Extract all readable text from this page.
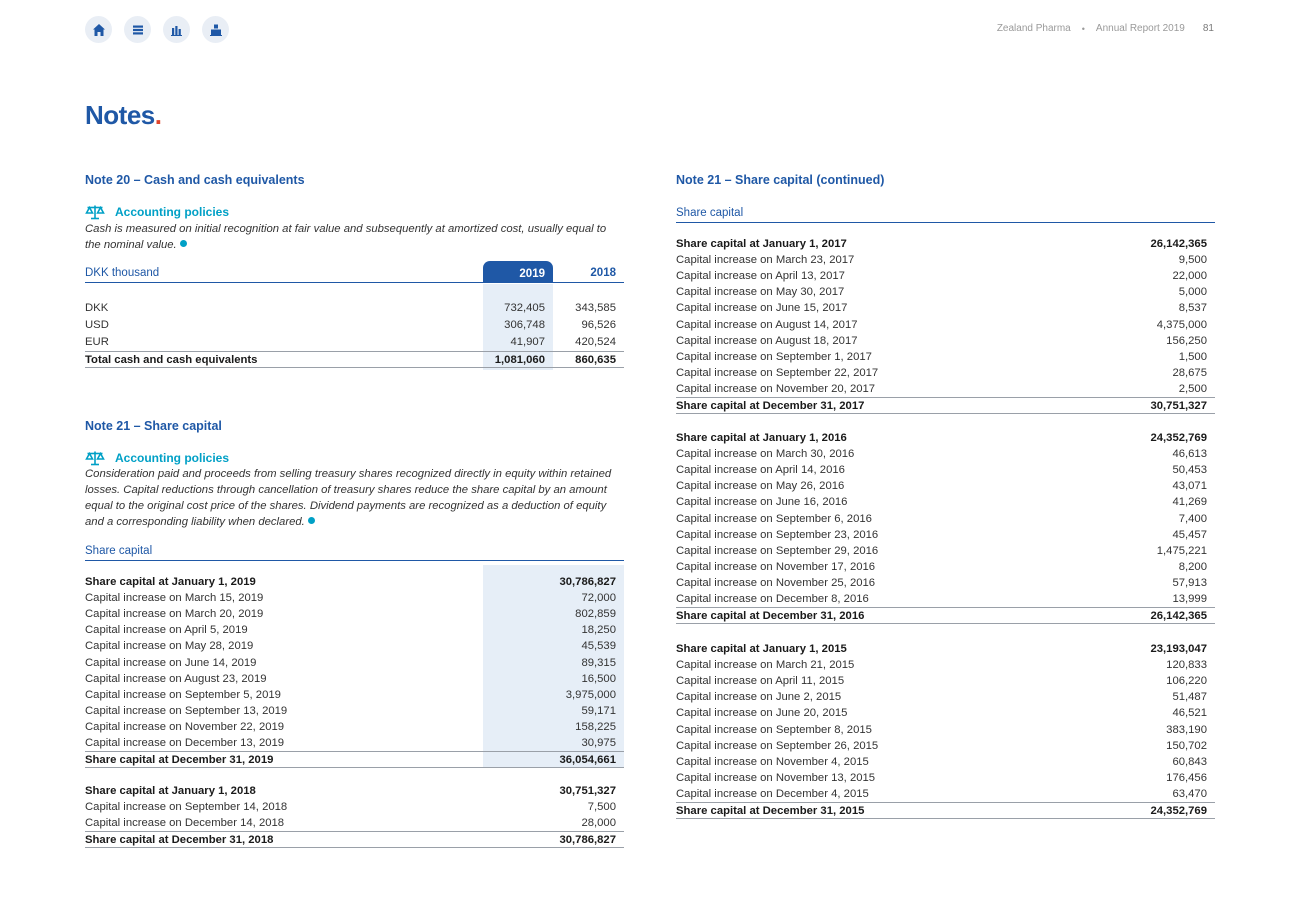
Zealand Pharma • Annual Report 2019 81
Notes.
Note 20 – Cash and cash equivalents
Accounting policies

Cash is measured on initial recognition at fair value and subsequently at amortized cost, usually equal to the nominal value.

DKK thousand	2019	2018
DKK	732,405	343,585
USD	306,748	96,526
EUR	41,907	420,524
Total cash and cash equivalents	1,081,060	860,635
Note 21 – Share capital
Accounting policies

Consideration paid and proceeds from selling treasury shares recognized directly in equity within retained losses. Capital reductions through cancellation of treasury shares reduce the share capital by an amount equal to the original cost price of the shares. Dividend payments are recognized as a deduction of equity and a corresponding liability when declared.

Share capital
Share capital at January 1, 2019	30,786,827
Capital increase on March 15, 2019	72,000
Capital increase on March 20, 2019	802,859
Capital increase on April 5, 2019	18,250
Capital increase on May 28, 2019	45,539
Capital increase on June 14, 2019	89,315
Capital increase on August 23, 2019	16,500
Capital increase on September 5, 2019	3,975,000
Capital increase on September 13, 2019	59,171
Capital increase on November 22, 2019	158,225
Capital increase on December 13, 2019	30,975
Share capital at December 31, 2019	36,054,661
Share capital at January 1, 2018	30,751,327
Capital increase on September 14, 2018	7,500
Capital increase on December 14, 2018	28,000
Share capital at December 31, 2018	30,786,827
Note 21 – Share capital (continued)
Share capital
Share capital at January 1, 2017	26,142,365
Capital increase on March 23, 2017	9,500
Capital increase on April 13, 2017	22,000
Capital increase on May 30, 2017	5,000
Capital increase on June 15, 2017	8,537
Capital increase on August 14, 2017	4,375,000
Capital increase on August 18, 2017	156,250
Capital increase on September 1, 2017	1,500
Capital increase on September 22, 2017	28,675
Capital increase on November 20, 2017	2,500
Share capital at December 31, 2017	30,751,327
Share capital at January 1, 2016	24,352,769
Capital increase on March 30, 2016	46,613
Capital increase on April 14, 2016	50,453
Capital increase on May 26, 2016	43,071
Capital increase on June 16, 2016	41,269
Capital increase on September 6, 2016	7,400
Capital increase on September 23, 2016	45,457
Capital increase on September 29, 2016	1,475,221
Capital increase on November 17, 2016	8,200
Capital increase on November 25, 2016	57,913
Capital increase on December 8, 2016	13,999
Share capital at December 31, 2016	26,142,365
Share capital at January 1, 2015	23,193,047
Capital increase on March 21, 2015	120,833
Capital increase on April 11, 2015	106,220
Capital increase on June 2, 2015	51,487
Capital increase on June 20, 2015	46,521
Capital increase on September 8, 2015	383,190
Capital increase on September 26, 2015	150,702
Capital increase on November 4, 2015	60,843
Capital increase on November 13, 2015	176,456
Capital increase on December 4, 2015	63,470
Share capital at December 31, 2015	24,352,769
